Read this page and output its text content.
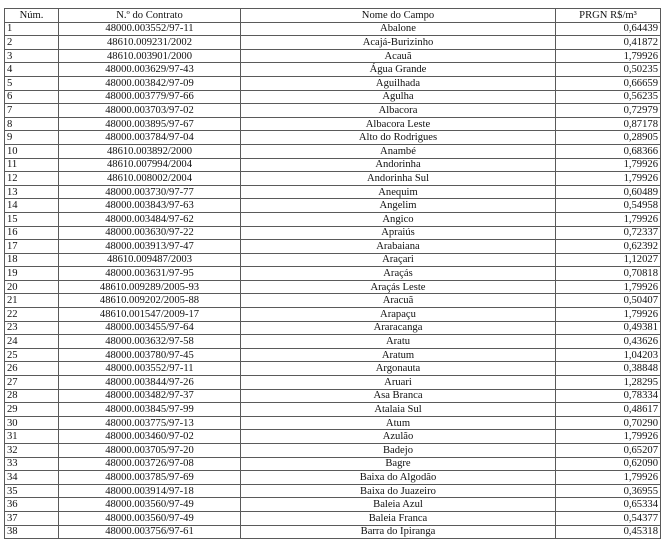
Núm.	N.º do Contrato	Nome do Campo	PRGN R$/m³
1	48000.003552/97-11	Abalone	0,64439
2	48610.009231/2002	Acajá-Burizinho	0,41872
3	48610.003901/2000	Acauã	1,79926
4	48000.003629/97-43	Água Grande	0,50235
5	48000.003842/97-09	Aguilhada	0,66659
6	48000.003779/97-66	Agulha	0,56235
7	48000.003703/97-02	Albacora	0,72979
8	48000.003895/97-67	Albacora Leste	0,87178
9	48000.003784/97-04	Alto do Rodrigues	0,28905
10	48610.003892/2000	Anambé	0,68366
11	48610.007994/2004	Andorinha	1,79926
12	48610.008002/2004	Andorinha Sul	1,79926
13	48000.003730/97-77	Anequim	0,60489
14	48000.003843/97-63	Angelim	0,54958
15	48000.003484/97-62	Angico	1,79926
16	48000.003630/97-22	Apraiús	0,72337
17	48000.003913/97-47	Arabaiana	0,62392
18	48610.009487/2003	Araçari	1,12027
19	48000.003631/97-95	Araçás	0,70818
20	48610.009289/2005-93	Araçás Leste	1,79926
21	48610.009202/2005-88	Aracuã	0,50407
22	48610.001547/2009-17	Arapaçu	1,79926
23	48000.003455/97-64	Araracanga	0,49381
24	48000.003632/97-58	Aratu	0,43626
25	48000.003780/97-45	Aratum	1,04203
26	48000.003552/97-11	Argonauta	0,38848
27	48000.003844/97-26	Aruari	1,28295
28	48000.003482/97-37	Asa Branca	0,78334
29	48000.003845/97-99	Atalaia Sul	0,48617
30	48000.003775/97-13	Atum	0,70290
31	48000.003460/97-02	Azulão	1,79926
32	48000.003705/97-20	Badejo	0,65207
33	48000.003726/97-08	Bagre	0,62090
34	48000.003785/97-69	Baixa do Algodão	1,79926
35	48000.003914/97-18	Baixa do Juazeiro	0,36955
36	48000.003560/97-49	Baleia Azul	0,65334
37	48000.003560/97-49	Baleia Franca	0,54377
38	48000.003756/97-61	Barra do Ipiranga	0,45318
